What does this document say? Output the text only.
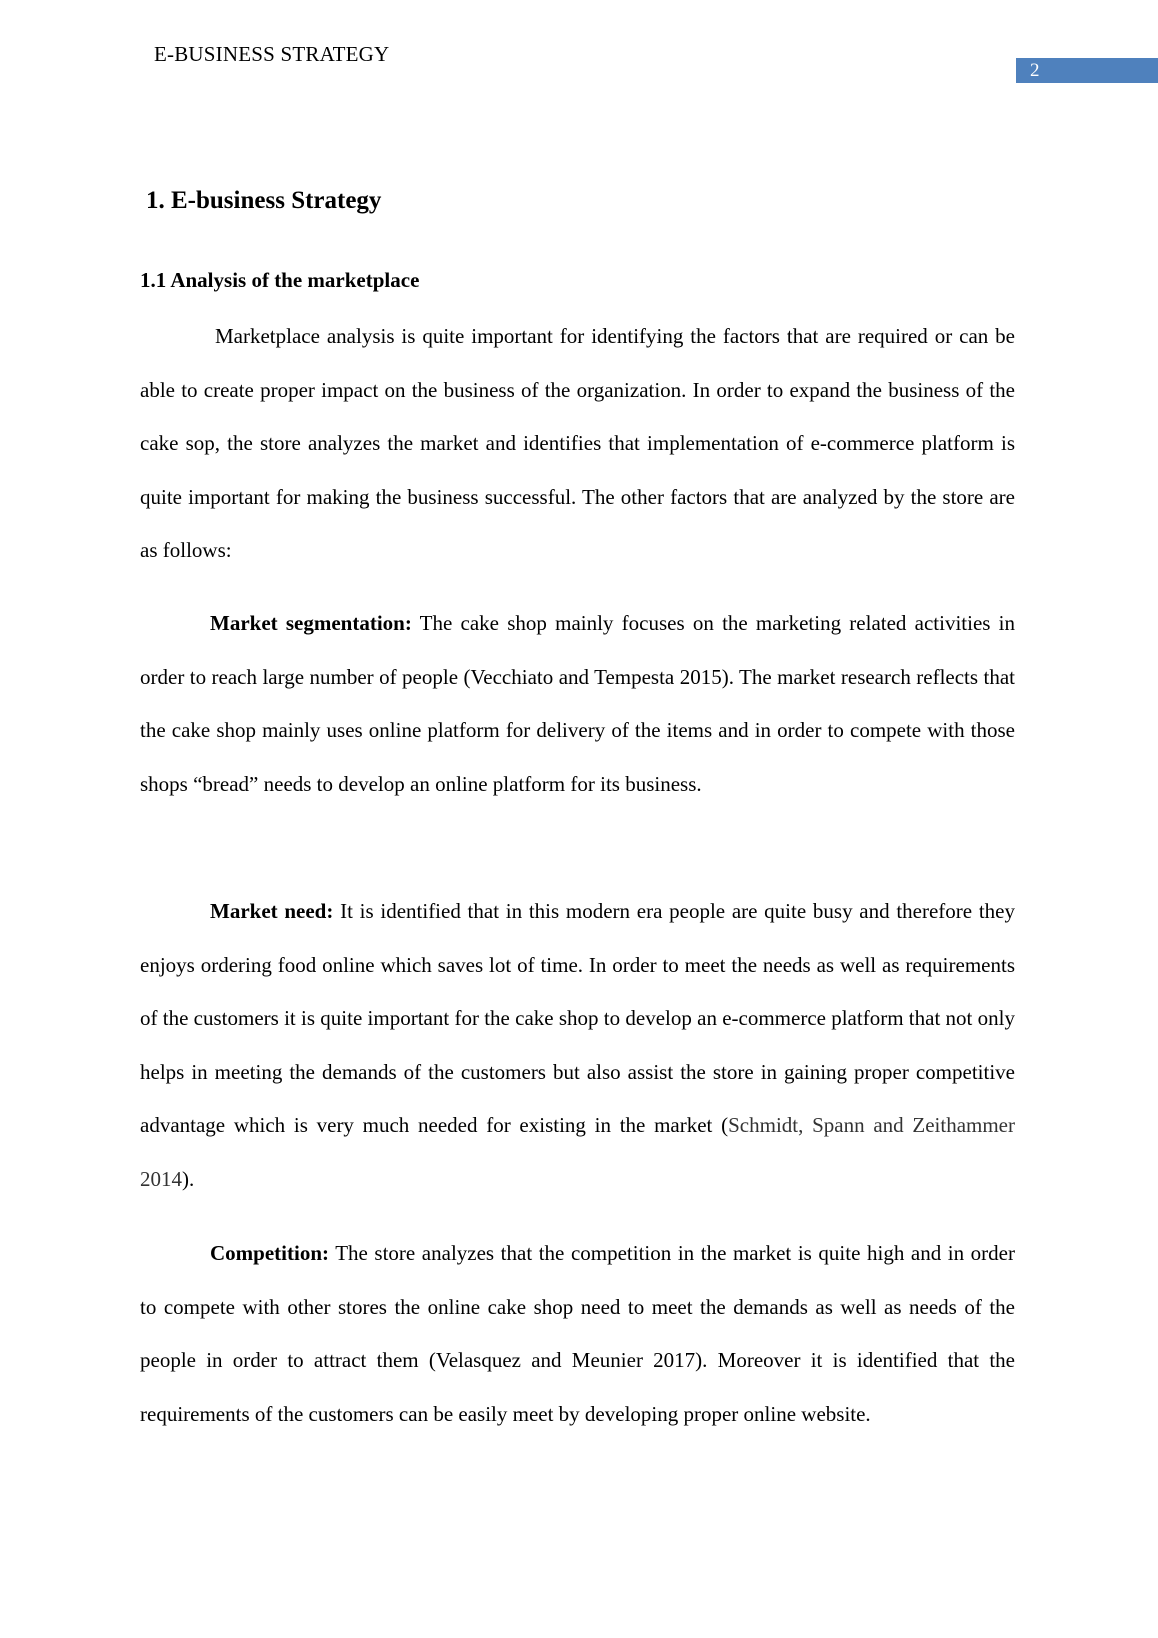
E-BUSINESS STRATEGY
2
1. E-business Strategy
1.1 Analysis of the marketplace

Marketplace analysis is quite important for identifying the factors that are required or can be able to create proper impact on the business of the organization. In order to expand the business of the cake sop, the store analyzes the market and identifies that implementation of e-commerce platform is quite important for making the business successful. The other factors that are analyzed by the store are as follows:

Market segmentation: The cake shop mainly focuses on the marketing related activities in order to reach large number of people (Vecchiato and Tempesta 2015). The market research reflects that the cake shop mainly uses online platform for delivery of the items and in order to compete with those shops “bread” needs to develop an online platform for its business.

Market need: It is identified that in this modern era people are quite busy and therefore they enjoys ordering food online which saves lot of time. In order to meet the needs as well as requirements of the customers it is quite important for the cake shop to develop an e-commerce platform that not only helps in meeting the demands of the customers but also assist the store in gaining proper competitive advantage which is very much needed for existing in the market (Schmidt, Spann and Zeithammer 2014).

Competition: The store analyzes that the competition in the market is quite high and in order to compete with other stores the online cake shop need to meet the demands as well as needs of the people in order to attract them (Velasquez and Meunier 2017). Moreover it is identified that the requirements of the customers can be easily meet by developing proper online website.
